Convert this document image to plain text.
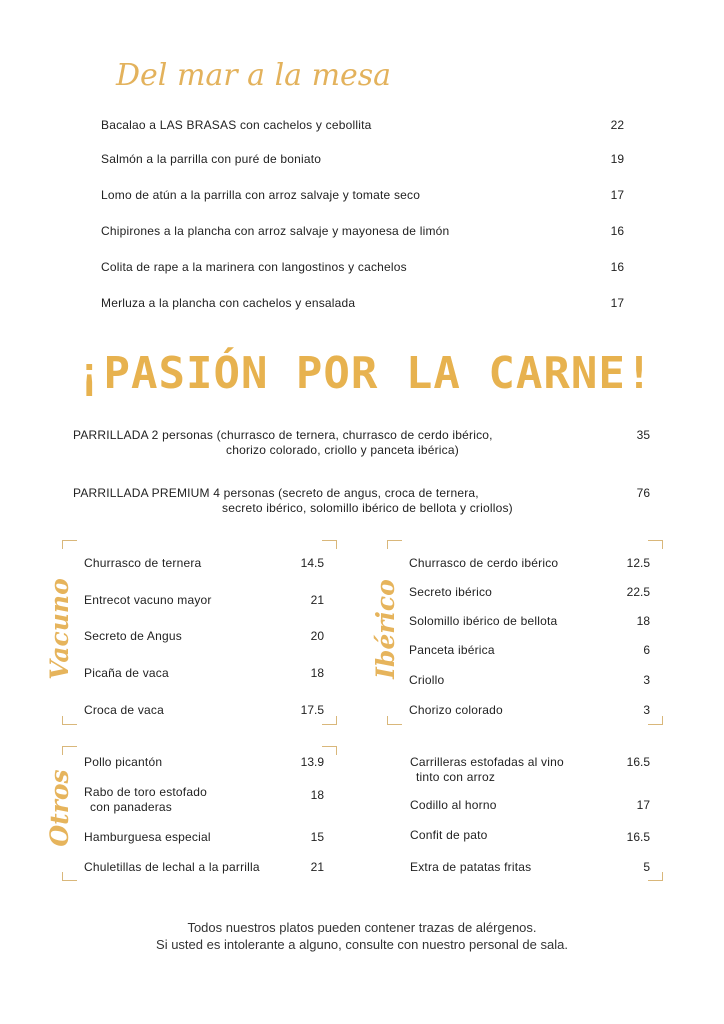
Del mar a la mesa
Bacalao a LAS BRASAS con cachelos y cebollita	22
Salmón a la parrilla con puré de boniato	19
Lomo de atún a la parrilla con arroz salvaje y tomate seco	17
Chipirones a la plancha con arroz salvaje y mayonesa de limón	16
Colita de rape a la marinera con langostinos y cachelos	16
Merluza a la plancha con cachelos y ensalada	17
¡PASIÓN POR LA CARNE!
PARRILLADA 2 personas (churrasco de ternera, churrasco de cerdo ibérico,
chorizo colorado, criollo y panceta ibérica)
35
PARRILLADA PREMIUM 4 personas (secreto de angus, croca de ternera,
secreto ibérico, solomillo ibérico de bellota y criollos)
76
Vacuno
Churrasco de ternera	14.5
Entrecot vacuno mayor	21
Secreto de Angus	20
Picaña de vaca	18
Croca de vaca	17.5
Ibérico
Churrasco de cerdo ibérico	12.5
Secreto ibérico	22.5
Solomillo ibérico de bellota	18
Panceta ibérica	6
Criollo	3
Chorizo colorado	3
Otros
Pollo picantón	13.9
Rabo de toro estofado
con panaderas
18
Hamburguesa especial	15
Chuletillas de lechal a la parrilla	21
Carrilleras estofadas al vino
tinto con arroz
16.5
Codillo al horno	17
Confit de pato	16.5
Extra de patatas fritas	5
Todos nuestros platos pueden contener trazas de alérgenos.
Si usted es intolerante a alguno, consulte con nuestro personal de sala.
